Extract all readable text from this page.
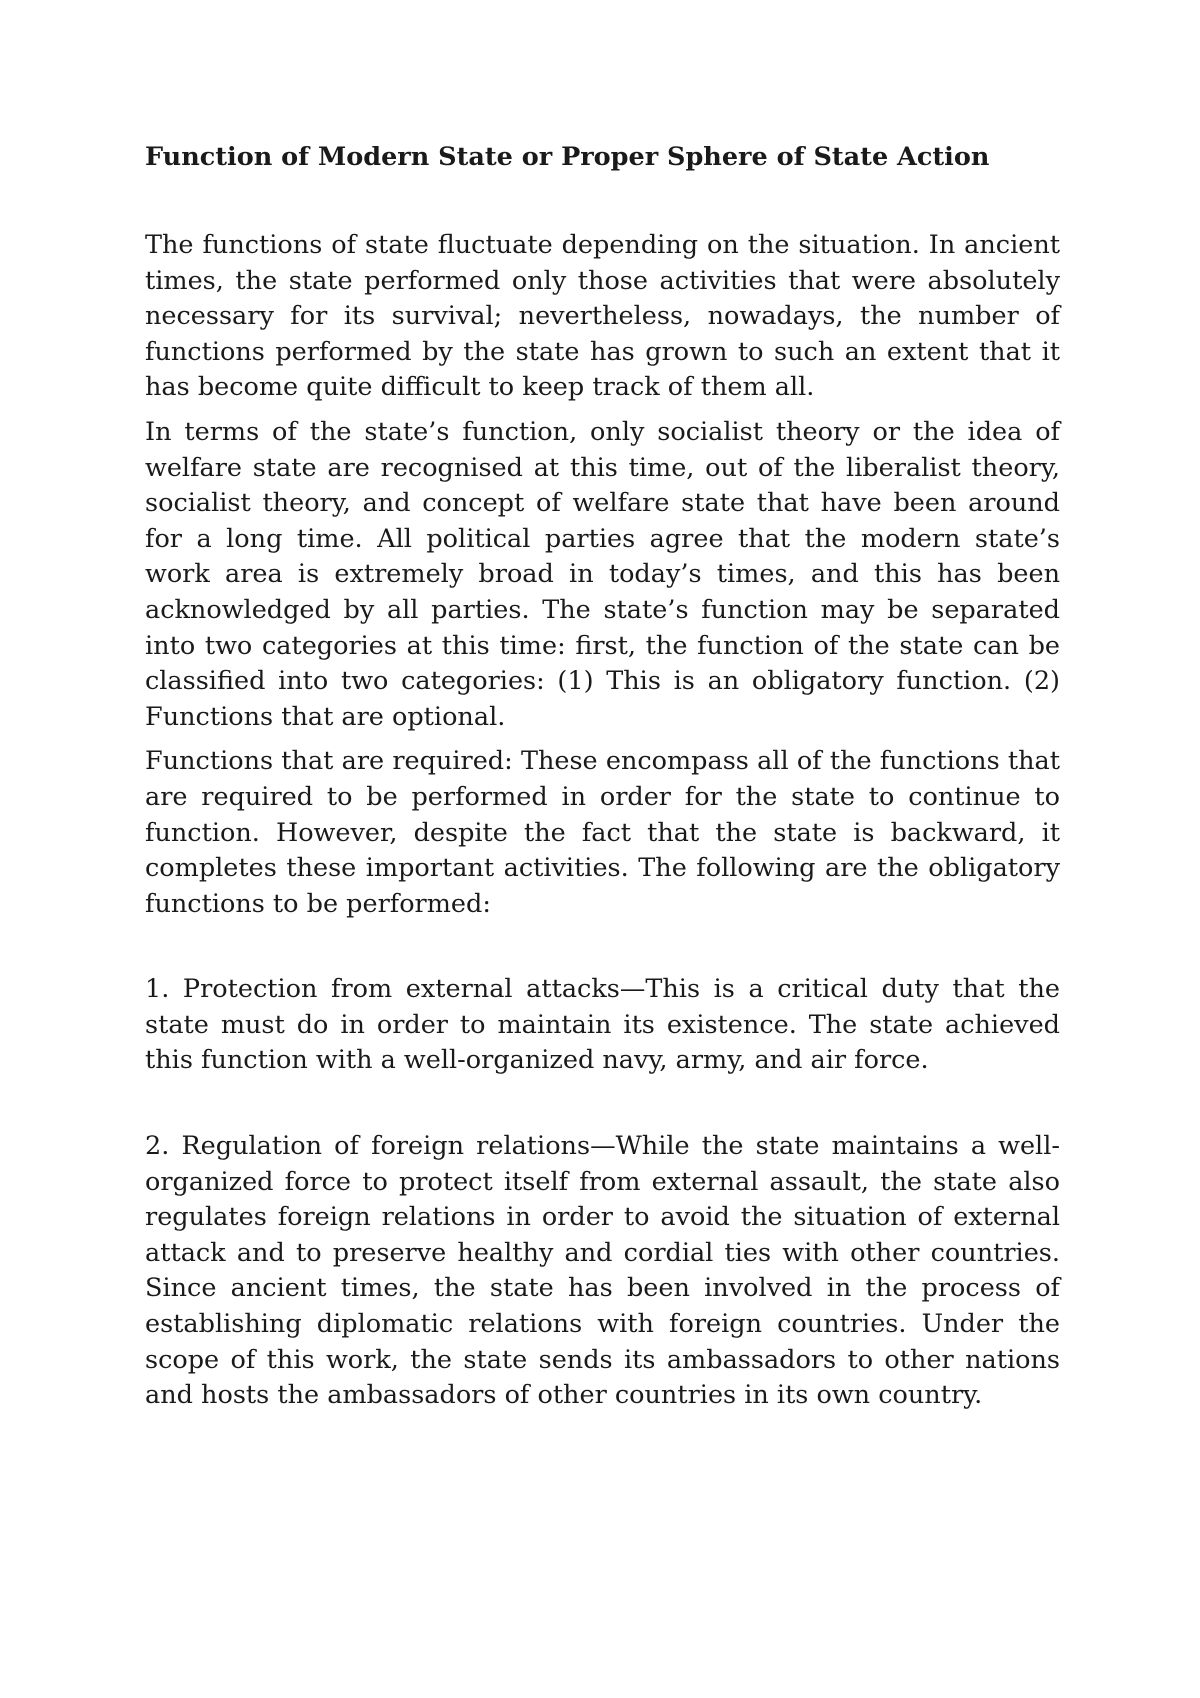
Function of Modern State or Proper Sphere of State Action

The functions of state fluctuate depending on the situation. In ancient times, the state performed only those activities that were absolutely necessary for its survival; nevertheless, nowadays, the number of functions performed by the state has grown to such an extent that it has become quite difficult to keep track of them all.

In terms of the state’s function, only socialist theory or the idea of welfare state are recognised at this time, out of the liberalist theory, socialist theory, and concept of welfare state that have been around for a long time. All political parties agree that the modern state’s work area is extremely broad in today’s times, and this has been acknowledged by all parties. The state’s function may be separated into two categories at this time: first, the function of the state can be classified into two categories: (1) This is an obligatory function. (2) Functions that are optional.

Functions that are required: These encompass all of the functions that are required to be performed in order for the state to continue to function. However, despite the fact that the state is backward, it completes these important activities. The following are the obligatory functions to be performed:

1. Protection from external attacks—This is a critical duty that the state must do in order to maintain its existence. The state achieved this function with a well-organized navy, army, and air force.

2. Regulation of foreign relations—While the state maintains a well-organized force to protect itself from external assault, the state also regulates foreign relations in order to avoid the situation of external attack and to preserve healthy and cordial ties with other countries. Since ancient times, the state has been involved in the process of establishing diplomatic relations with foreign countries. Under the scope of this work, the state sends its ambassadors to other nations and hosts the ambassadors of other countries in its own country.
